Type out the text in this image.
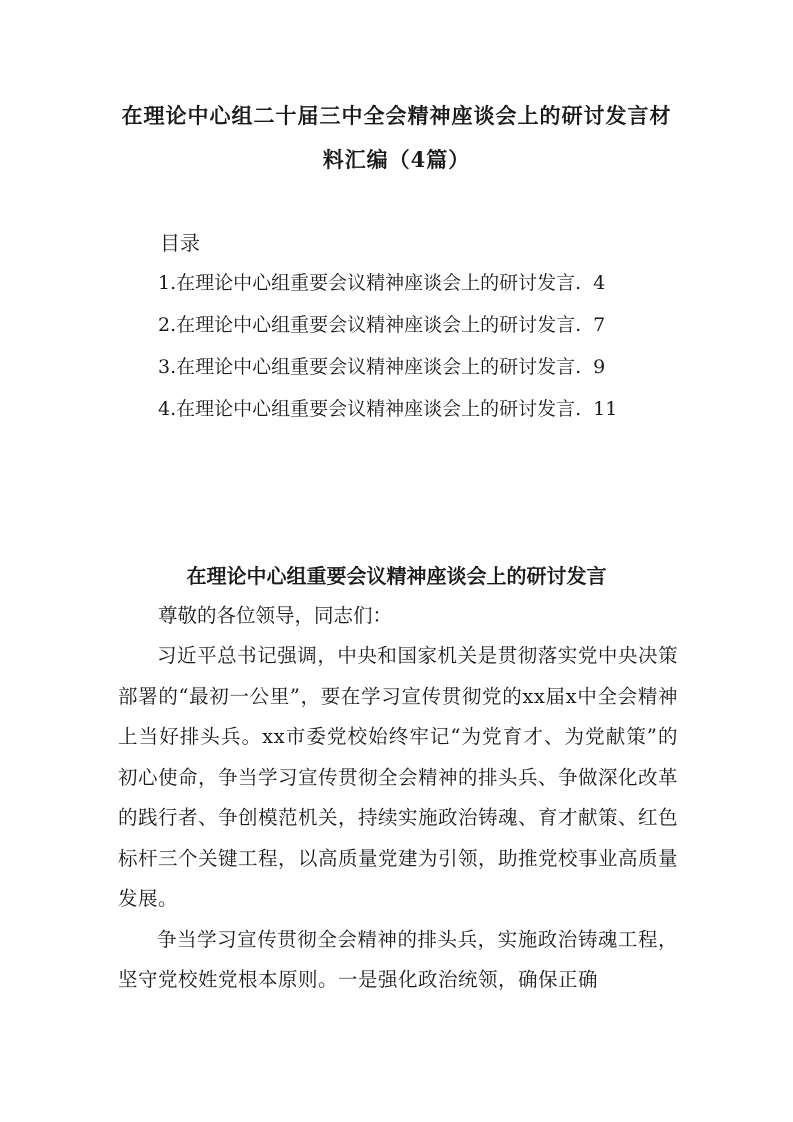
在理论中心组二十届三中全会精神座谈会上的研讨发言材料汇编（4篇）
目录
1.在理论中心组重要会议精神座谈会上的研讨发言. 4
2.在理论中心组重要会议精神座谈会上的研讨发言. 7
3.在理论中心组重要会议精神座谈会上的研讨发言. 9
4.在理论中心组重要会议精神座谈会上的研讨发言. 11
在理论中心组重要会议精神座谈会上的研讨发言

尊敬的各位领导，同志们：

习近平总书记强调，中央和国家机关是贯彻落实党中央决策部署的“最初一公里”，要在学习宣传贯彻党的xx届x中全会精神上当好排头兵。xx市委党校始终牢记“为党育才、为党献策”的初心使命，争当学习宣传贯彻全会精神的排头兵、争做深化改革的践行者、争创模范机关，持续实施政治铸魂、育才献策、红色标杆三个关键工程，以高质量党建为引领，助推党校事业高质量发展。

争当学习宣传贯彻全会精神的排头兵，实施政治铸魂工程，坚守党校姓党根本原则。一是强化政治统领，确保正确
